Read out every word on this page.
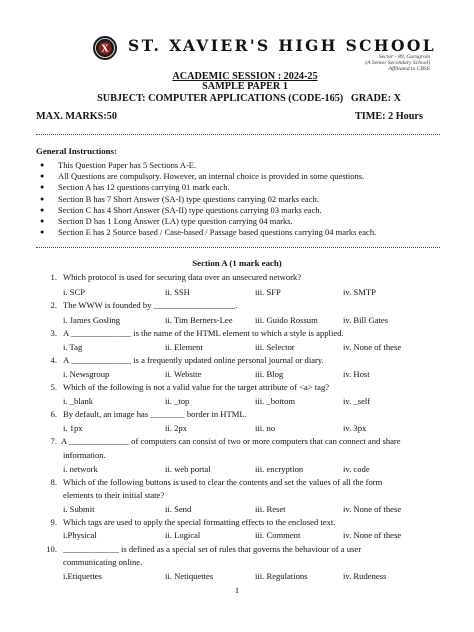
X ST. XAVIER'S HIGH SCHOOL
Sector - 89, Gurugram
(A Senior Secondary School)
Affiliated to CBSE
ACADEMIC SESSION : 2024-25
SAMPLE PAPER 1
SUBJECT: COMPUTER APPLICATIONS (CODE-165)   GRADE: X
MAX. MARKS:50	TIME: 2 Hours
General Instructions:
● This Question Paper has 5 Sections A-E.
● All Questions are compulsory. However, an internal choice is provided in some questions.
● Section A has 12 questions carrying 01 mark each.
● Section B has 7 Short Answer (SA-I) type questions carrying 02 marks each.
● Section C has 4 Short Answer (SA-II) type questions carrying 03 marks each.
● Section D has 1 Long Answer (LA) type question carrying 04 marks.
● Section E has 2 Source based / Case-based / Passage based questions carrying 04 marks each.
Section A (1 mark each)
1. Which protocol is used for securing data over an unsecured network?
i. SCP	ii. SSH	iii. SFP	iv. SMTP
2. The WWW is founded by ___________________.
i. James Gosling	ii. Tim Berners-Lee	iii. Guido Rossum	iv. Bill Gates
3. A ______________ is the name of the HTML element to which a style is applied.
i. Tag	ii. Element	iii. Selector	iv. None of these
4. A ______________ is a frequently updated online personal journal or diary.
i. Newsgroup	ii. Website	iii. Blog	iv. Host
5. Which of the following is not a valid value for the target attribute of <a> tag?
i. _blank	ii. _top	iii. _bottom	iv. _self
6. By default, an image has ________ border in HTML.
i. 1px	ii. 2px	iii. no	iv. 3px
7. A ______________ of computers can consist of two or more computers that can connect and share
information.
i. network	ii. web portal	iii. encryption	iv. code
8. Which of the following buttons is used to clear the contents and set the values of all the form
elements to their initial state?
i. Submit	ii. Send	iii. Reset	iv. None of these
9. Which tags are used to apply the special formatting effects to the enclosed text.
i.Physical	ii. Logical	iii. Comment	iv. None of these
10. _____________ is defined as a special set of rules that governs the behaviour of a user
communicating online.
i.Etiquettes	ii. Netiquettes	iii. Regulations	iv. Rudeness
1
